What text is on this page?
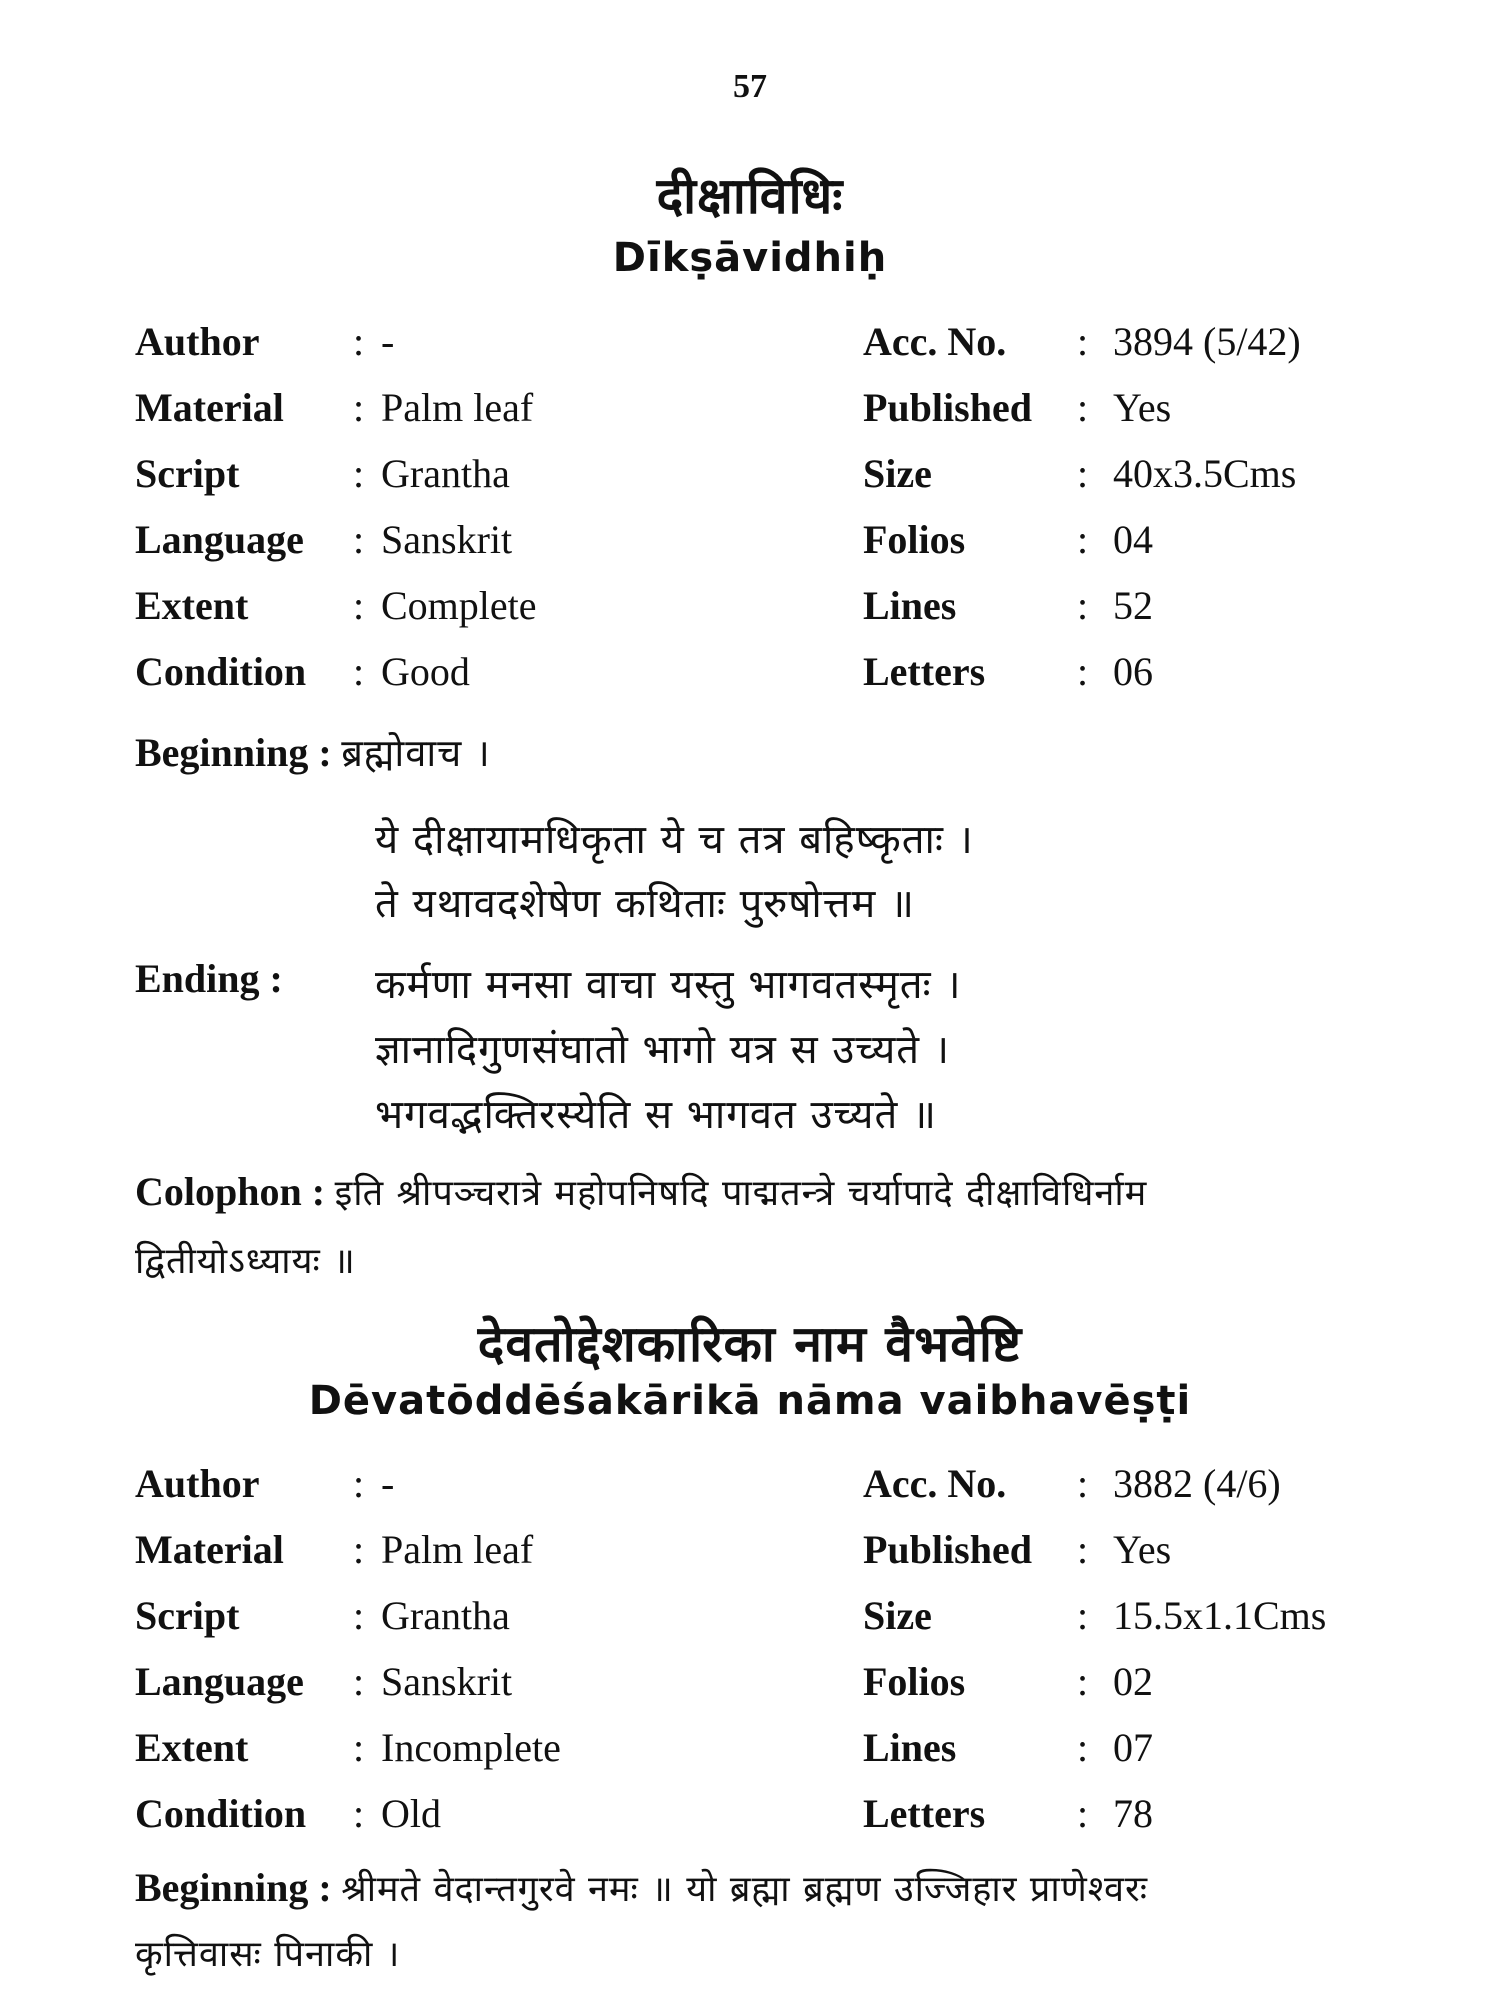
57
दीक्षाविधिः
Dīkṣāvidhiḥ
Author : -	Acc. No. : 3894 (5/42)
Material : Palm leaf	Published : Yes
Script	: Grantha	Size	: 40x3.5Cms
Language : Sanskrit	Folios	: 04
Extent	: Complete	Lines	: 52
Condition : Good	Letters : 06
Beginning : ब्रह्मोवाच ।
ये दीक्षायामधिकृता ये च तत्र बहिष्कृताः ।
ते यथावदशेषेण कथिताः पुरुषोत्तम ॥
Ending :	कर्मणा मनसा वाचा यस्तु भागवतस्मृतः ।
ज्ञानादिगुणसंघातो भागो यत्र स उच्यते ।
भगवद्भक्तिरस्येति स भागवत उच्यते ॥
Colophon : इति श्रीपञ्चरात्रे महोपनिषदि पाद्मतन्त्रे चर्यापादे दीक्षाविधिर्नाम
द्वितीयोऽध्यायः ॥
देवतोद्देशकारिका नाम वैभवेष्टि
Dēvatōddēśakārikā nāma vaibhavēṣṭi
Author : -	Acc. No. : 3882 (4/6)
Material : Palm leaf	Published : Yes
Script	: Grantha	Size	: 15.5x1.1Cms
Language : Sanskrit	Folios	: 02
Extent	: Incomplete	Lines	: 07
Condition : Old	Letters : 78
Beginning : श्रीमते वेदान्तगुरवे नमः ॥ यो ब्रह्मा ब्रह्मण उज्जिहार प्राणेश्वरः
कृत्तिवासः पिनाकी ।
